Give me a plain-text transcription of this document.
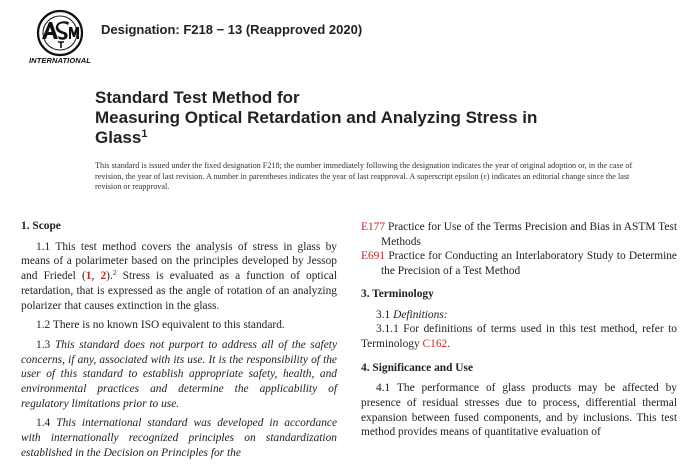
INTERNATIONAL
Designation: F218 − 13 (Reapproved 2020)
Standard Test Method for
Measuring Optical Retardation and Analyzing Stress in
Glass$^1$
This standard is issued under the fixed designation F218; the number immediately following the designation indicates the year of original adoption or, in the case of revision, the year of last revision. A number in parentheses indicates the year of last reapproval. A superscript epsilon (ε) indicates an editorial change since the last revision or reapproval.
1. Scope
1.1 This test method covers the analysis of stress in glass by means of a polarimeter based on the principles developed by Jessop and Friedel (1, 2).$^2$ Stress is evaluated as a function of optical retardation, that is expressed as the angle of rotation of an analyzing polarizer that causes extinction in the glass.
1.2 There is no known ISO equivalent to this standard.
1.3 This standard does not purport to address all of the safety concerns, if any, associated with its use. It is the responsibility of the user of this standard to establish appropriate safety, health, and environmental practices and determine the applicability of regulatory limitations prior to use.
1.4 This international standard was developed in accordance with internationally recognized principles on standardization established in the Decision on Principles for the
E177 Practice for Use of the Terms Precision and Bias in ASTM Test Methods
E691 Practice for Conducting an Interlaboratory Study to Determine the Precision of a Test Method
3. Terminology
3.1 Definitions:
3.1.1 For definitions of terms used in this test method, refer to Terminology C162.
4. Significance and Use
4.1 The performance of glass products may be affected by presence of residual stresses due to process, differential thermal expansion between fused components, and by inclusions. This test method provides means of quantitative evaluation of
